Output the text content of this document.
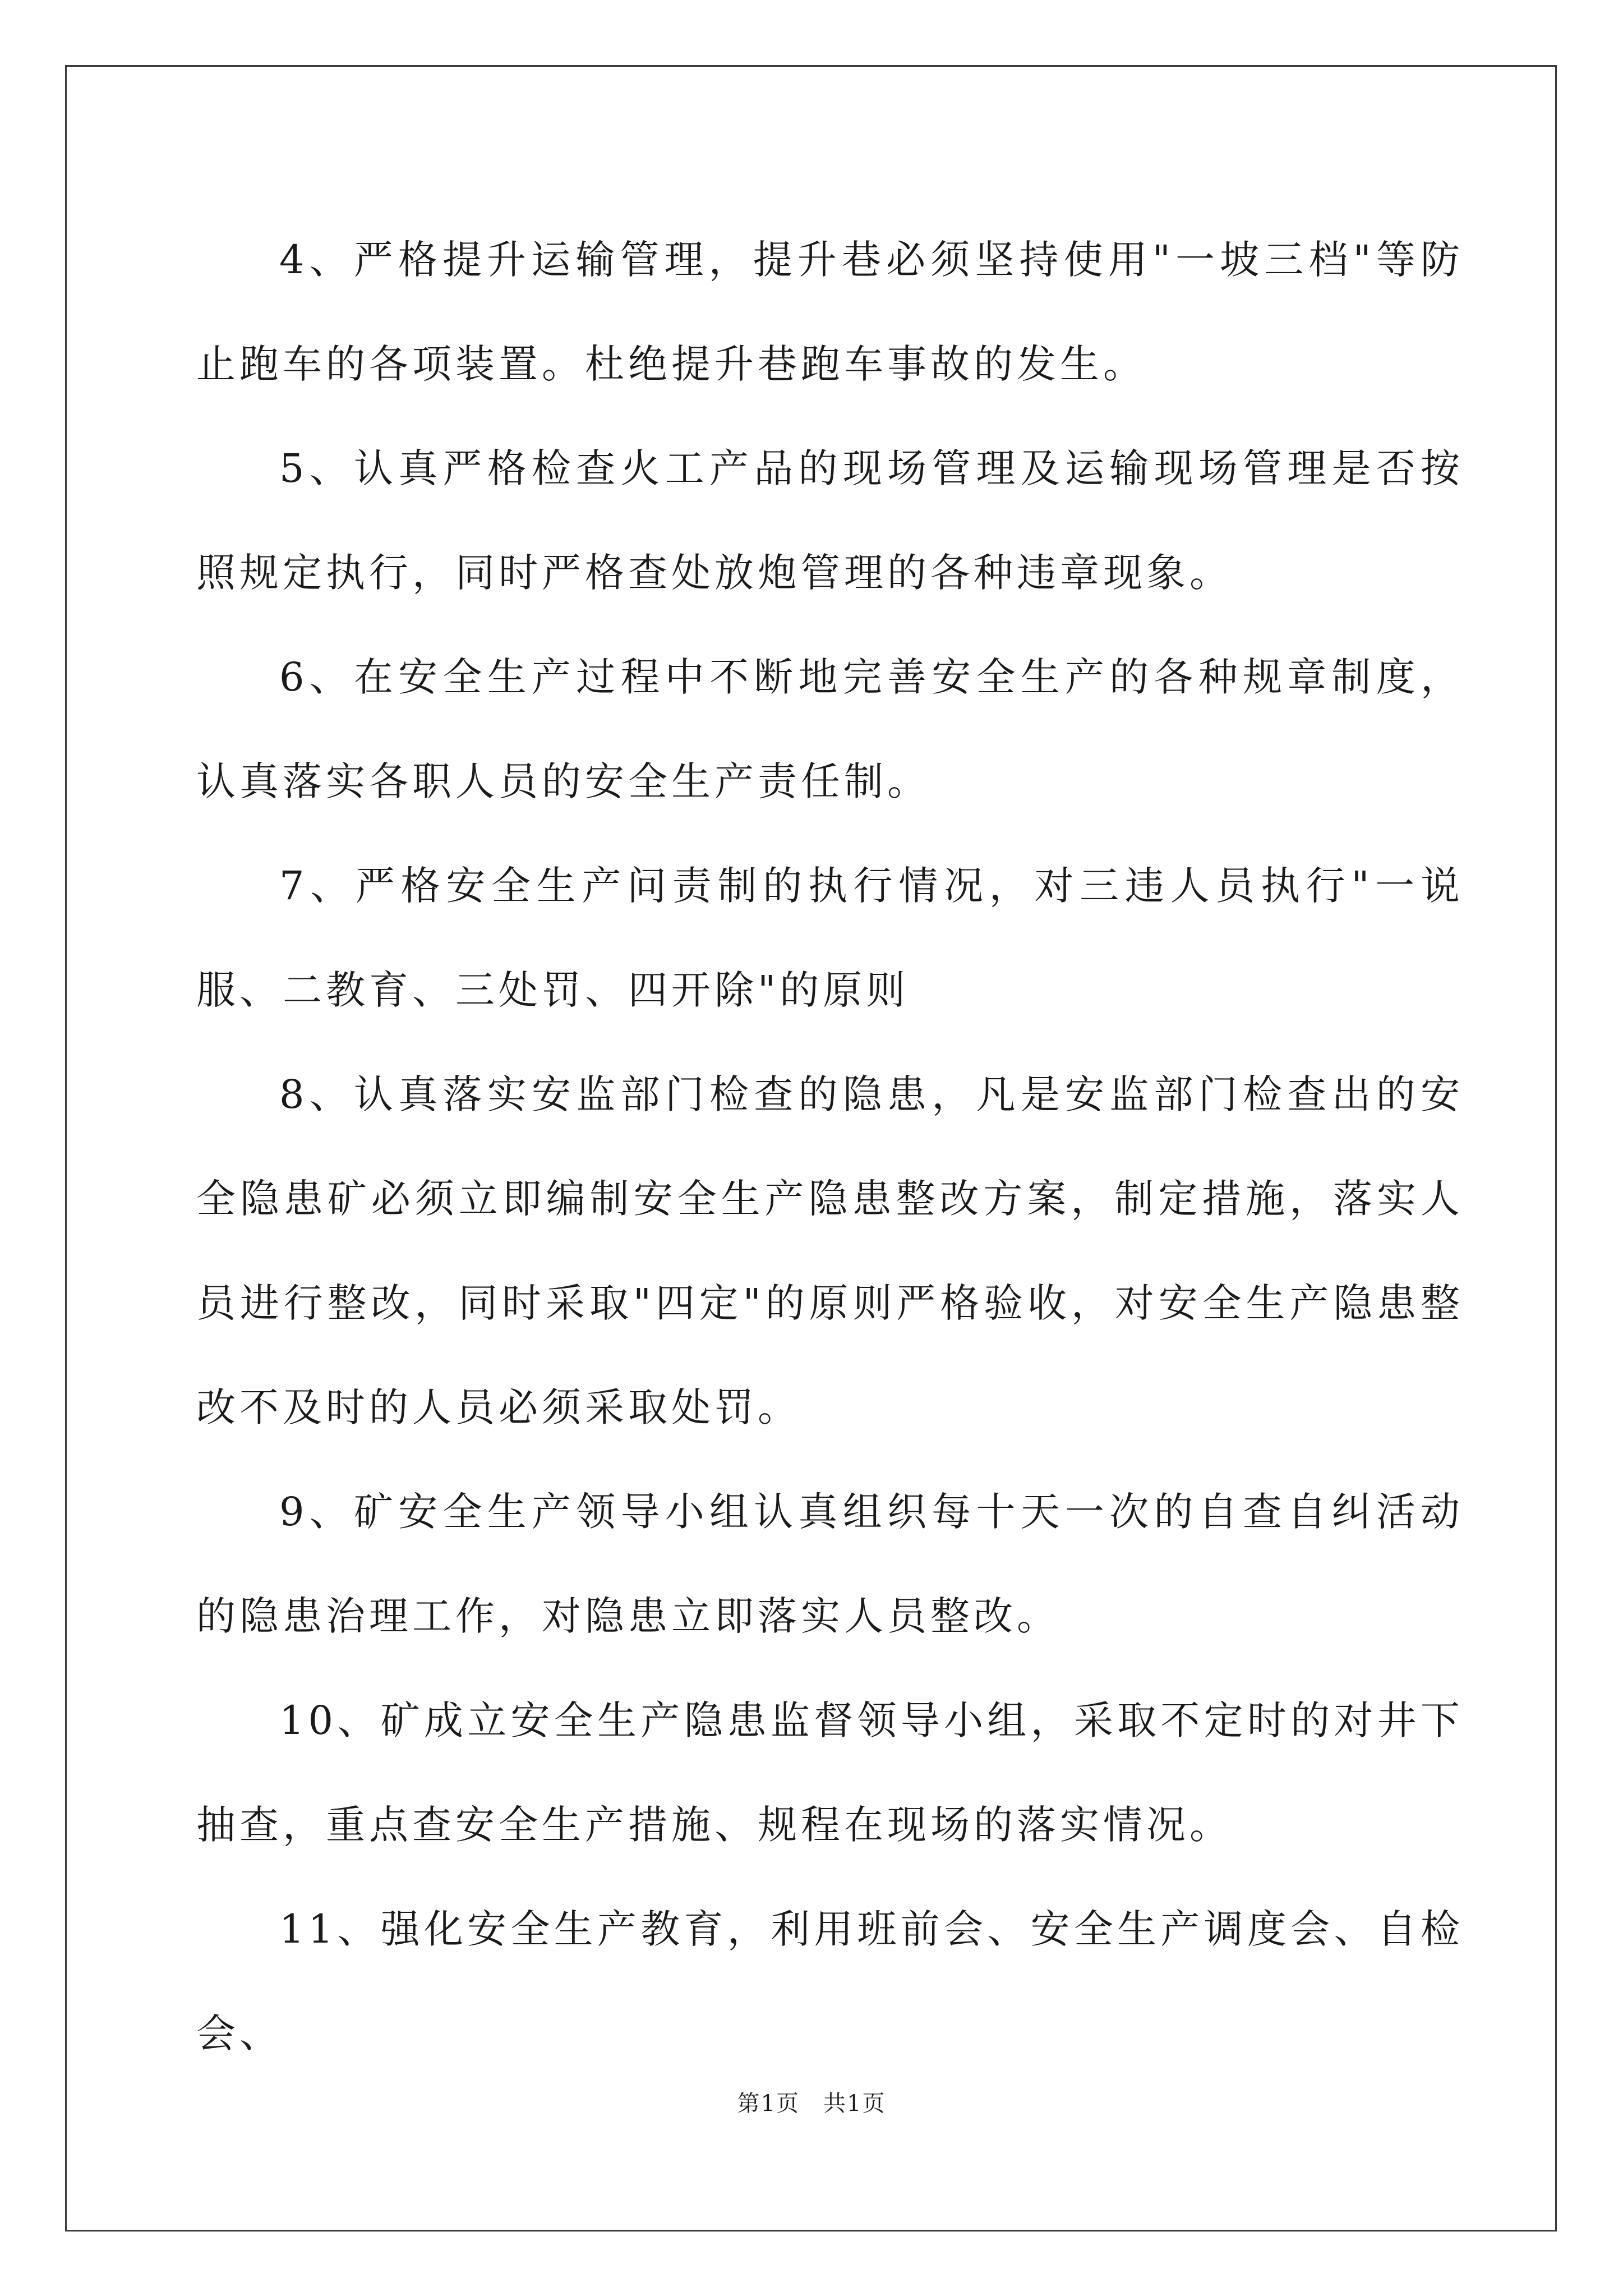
4、严格提升运输管理，提升巷必须坚持使用"一坡三档"等防止跑车的各项装置。杜绝提升巷跑车事故的发生。

5、认真严格检查火工产品的现场管理及运输现场管理是否按照规定执行，同时严格查处放炮管理的各种违章现象。

6、在安全生产过程中不断地完善安全生产的各种规章制度，认真落实各职人员的安全生产责任制。

7、严格安全生产问责制的执行情况，对三违人员执行"一说服、二教育、三处罚、四开除"的原则

8、认真落实安监部门检查的隐患，凡是安监部门检查出的安全隐患矿必须立即编制安全生产隐患整改方案，制定措施，落实人员进行整改，同时采取"四定"的原则严格验收，对安全生产隐患整改不及时的人员必须采取处罚。

9、矿安全生产领导小组认真组织每十天一次的自查自纠活动的隐患治理工作，对隐患立即落实人员整改。

10、矿成立安全生产隐患监督领导小组，采取不定时的对井下抽查，重点查安全生产措施、规程在现场的落实情况。

11、强化安全生产教育，利用班前会、安全生产调度会、自检会、

第1页　共1页
